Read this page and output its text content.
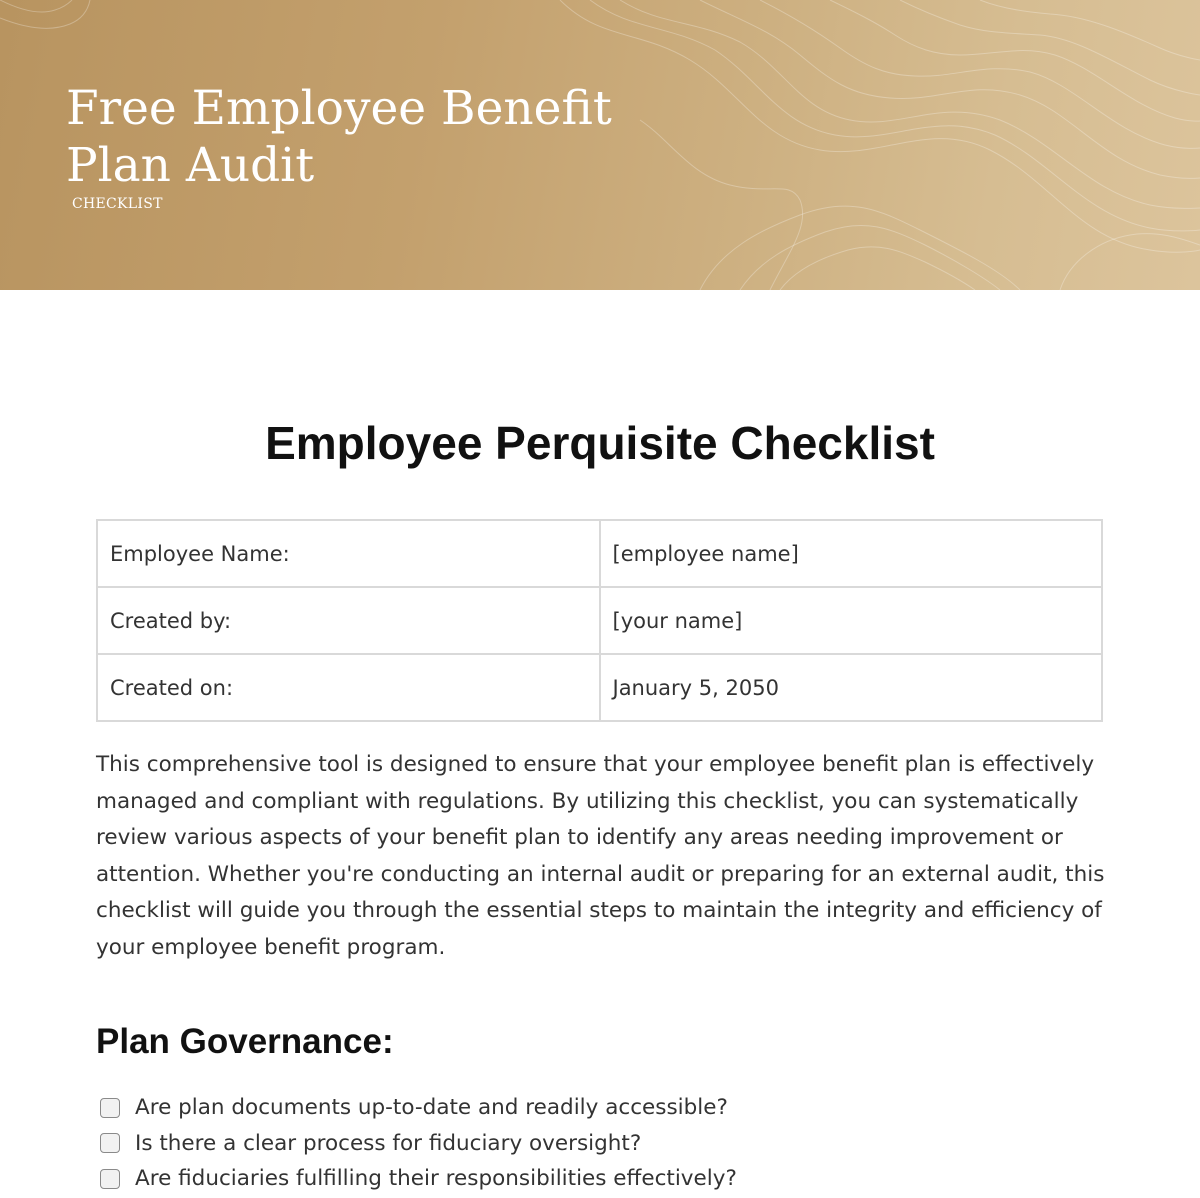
Free Employee Benefit Plan Audit
CHECKLIST
Employee Perquisite Checklist
Employee Name:	[employee name]
Created by:	[your name]
Created on:	January 5, 2050

This comprehensive tool is designed to ensure that your employee benefit plan is effectively managed and compliant with regulations. By utilizing this checklist, you can systematically review various aspects of your benefit plan to identify any areas needing improvement or attention. Whether you're conducting an internal audit or preparing for an external audit, this checklist will guide you through the essential steps to maintain the integrity and efficiency of your employee benefit program.

Plan Governance:
Are plan documents up-to-date and readily accessible?
Is there a clear process for fiduciary oversight?
Are fiduciaries fulfilling their responsibilities effectively?
